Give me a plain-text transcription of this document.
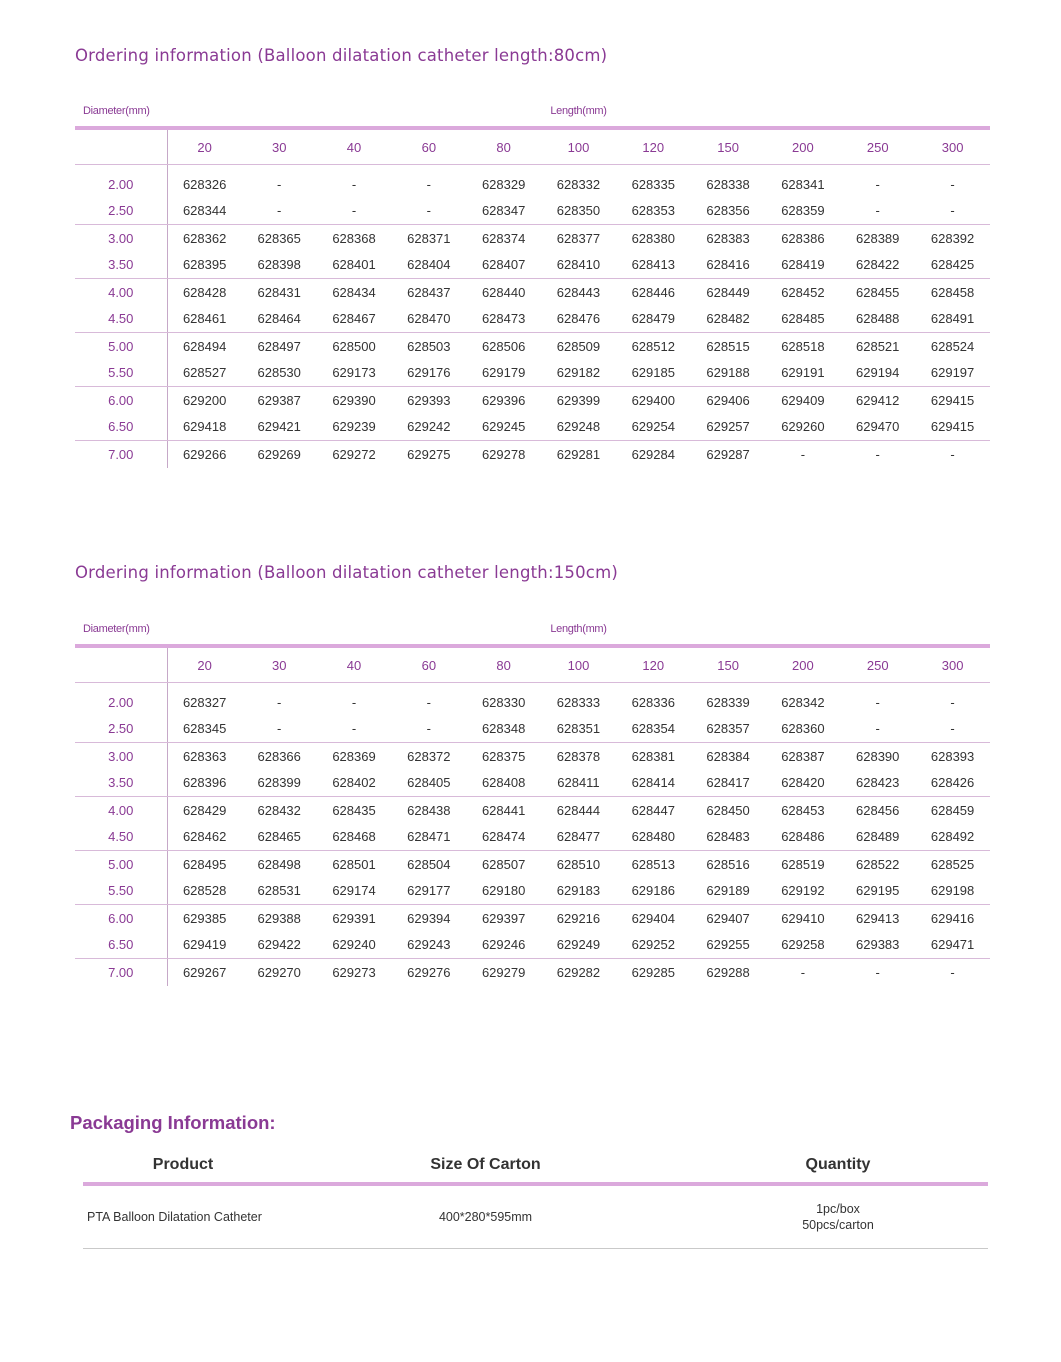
Ordering information (Balloon dilatation catheter length:80cm)
Diameter(mm)	Length(mm)										
	20	30	40	60	80	100	120	150	200	250	300
2.00	628326	-	-	-	628329	628332	628335	628338	628341	-	-
2.50	628344	-	-	-	628347	628350	628353	628356	628359	-	-
3.00	628362	628365	628368	628371	628374	628377	628380	628383	628386	628389	628392
3.50	628395	628398	628401	628404	628407	628410	628413	628416	628419	628422	628425
4.00	628428	628431	628434	628437	628440	628443	628446	628449	628452	628455	628458
4.50	628461	628464	628467	628470	628473	628476	628479	628482	628485	628488	628491
5.00	628494	628497	628500	628503	628506	628509	628512	628515	628518	628521	628524
5.50	628527	628530	629173	629176	629179	629182	629185	629188	629191	629194	629197
6.00	629200	629387	629390	629393	629396	629399	629400	629406	629409	629412	629415
6.50	629418	629421	629239	629242	629245	629248	629254	629257	629260	629470	629415
7.00	629266	629269	629272	629275	629278	629281	629284	629287	-	-	-
Ordering information (Balloon dilatation catheter length:150cm)
Diameter(mm)	Length(mm)										
	20	30	40	60	80	100	120	150	200	250	300
2.00	628327	-	-	-	628330	628333	628336	628339	628342	-	-
2.50	628345	-	-	-	628348	628351	628354	628357	628360	-	-
3.00	628363	628366	628369	628372	628375	628378	628381	628384	628387	628390	628393
3.50	628396	628399	628402	628405	628408	628411	628414	628417	628420	628423	628426
4.00	628429	628432	628435	628438	628441	628444	628447	628450	628453	628456	628459
4.50	628462	628465	628468	628471	628474	628477	628480	628483	628486	628489	628492
5.00	628495	628498	628501	628504	628507	628510	628513	628516	628519	628522	628525
5.50	628528	628531	629174	629177	629180	629183	629186	629189	629192	629195	629198
6.00	629385	629388	629391	629394	629397	629216	629404	629407	629410	629413	629416
6.50	629419	629422	629240	629243	629246	629249	629252	629255	629258	629383	629471
7.00	629267	629270	629273	629276	629279	629282	629285	629288	-	-	-
Packaging Information:
Product	Size Of Carton	Quantity
PTA Balloon Dilatation Catheter	400*280*595mm	1pc/box
50pcs/carton
